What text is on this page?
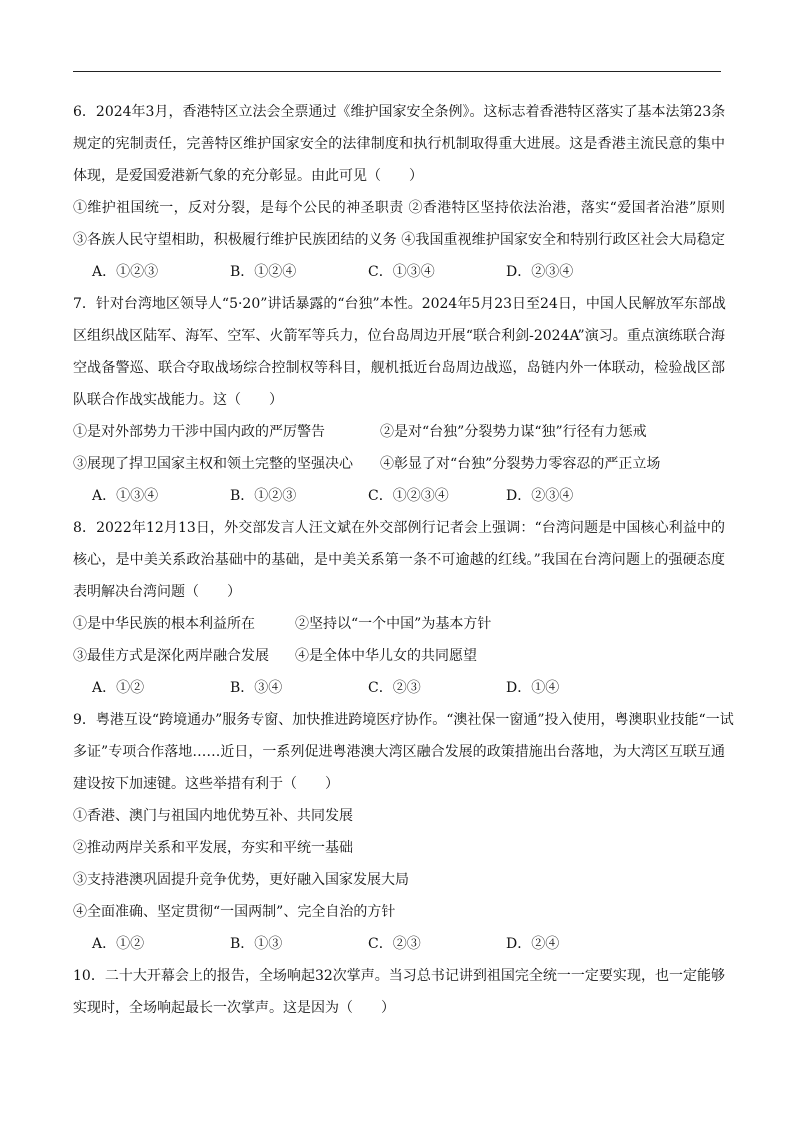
6．2024年3月，香港特区立法会全票通过《维护国家安全条例》。这标志着香港特区落实了基本法第23条
规定的宪制责任，完善特区维护国家安全的法律制度和执行机制取得重大进展。这是香港主流民意的集中
体现，是爱国爱港新气象的充分彰显。由此可见（　　）
①维护祖国统一，反对分裂，是每个公民的神圣职责 ②香港特区坚持依法治港，落实“爱国者治港”原则
③各族人民守望相助，积极履行维护民族团结的义务 ④我国重视维护国家安全和特别行政区社会大局稳定
A．①②③	B．①②④	C．①③④	D．②③④
7．针对台湾地区领导人“5·20”讲话暴露的“台独”本性。2024年5月23日至24日，中国人民解放军东部战
区组织战区陆军、海军、空军、火箭军等兵力，位台岛周边开展“联合利剑-2024A”演习。重点演练联合海
空战备警巡、联合夺取战场综合控制权等科目，舰机抵近台岛周边战巡，岛链内外一体联动，检验战区部
队联合作战实战能力。这（　　）
①是对外部势力干涉中国内政的严厉警告	②是对“台独”分裂势力谋“独”行径有力惩戒
③展现了捍卫国家主权和领土完整的坚强决心	④彰显了对“台独”分裂势力零容忍的严正立场
A．①③④	B．①②③	C．①②③④	D．②③④
8．2022年12月13日，外交部发言人汪文斌在外交部例行记者会上强调：“台湾问题是中国核心利益中的
核心，是中美关系政治基础中的基础，是中美关系第一条不可逾越的红线。”我国在台湾问题上的强硬态度
表明解决台湾问题（　　）
①是中华民族的根本利益所在	②坚持以“一个中国”为基本方针
③最佳方式是深化两岸融合发展	④是全体中华儿女的共同愿望
A．①②	B．③④	C．②③	D．①④
9．粤港互设“跨境通办”服务专窗、加快推进跨境医疗协作。“澳社保一窗通”投入使用，粤澳职业技能“一试
多证”专项合作落地……近日，一系列促进粤港澳大湾区融合发展的政策措施出台落地，为大湾区互联互通
建设按下加速键。这些举措有利于（　　）
①香港、澳门与祖国内地优势互补、共同发展
②推动两岸关系和平发展，夯实和平统一基础
③支持港澳巩固提升竞争优势，更好融入国家发展大局
④全面准确、坚定贯彻“一国两制”、完全自治的方针
A．①②	B．①③	C．②③	D．②④
10．二十大开幕会上的报告，全场响起32次掌声。当习总书记讲到祖国完全统一一定要实现，也一定能够
实现时，全场响起最长一次掌声。这是因为（　　）
